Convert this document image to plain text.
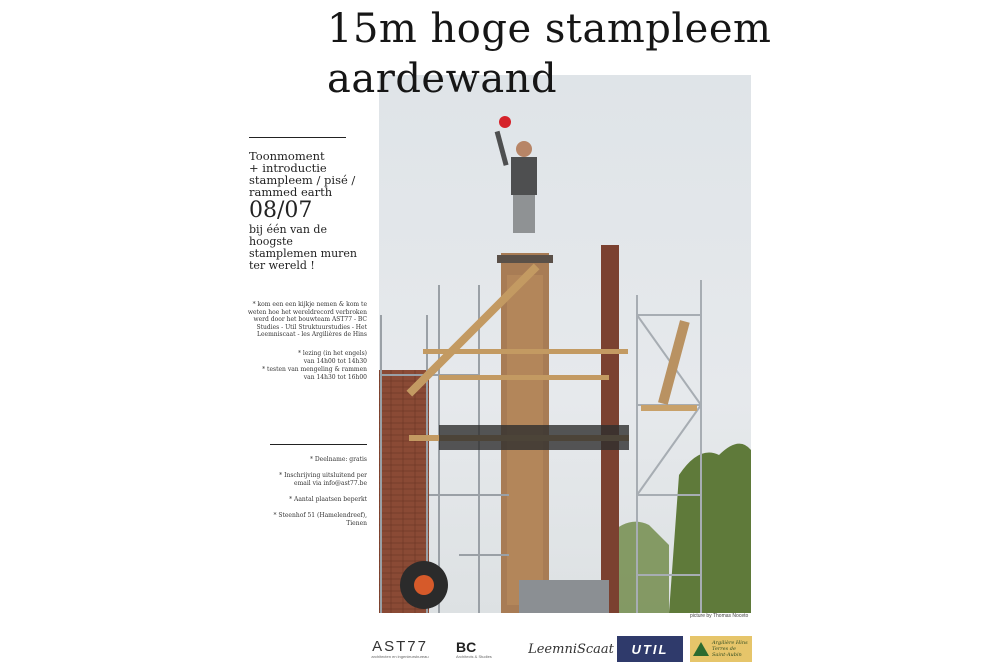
15m hoge stampleem
aardewand
Toonmoment
+ introductie
stampleem / pisé /
rammed earth
08/07
bij één van de hoogste
stamplemen muren
ter wereld !
* kom een een kijkje nemen & kom te
weten hoe het wereldrecord verbroken
werd door het bouwteam AST77 - BC
Studies - Util Struktuurstudies - Het
Leemniscaat - les Argilières de Hins
* lezing (in het engels)
van 14h00 tot 14h30
* testen van mengeling & rammen
van 14h30 tot 16h00
* Deelname: gratis
* Inschrijving uitsluitend per
email via info@ast77.be
* Aantal plaatsen beperkt
* Steenhof 51 (Hamelendreef),
Tienen
picture by Thomas Noceto
AST77
architecten en ingenieursbureau
BC
Architects & Studies	LeemniScaat	UTIL	Argilière Hins
Terres de
Saint-Aubin
